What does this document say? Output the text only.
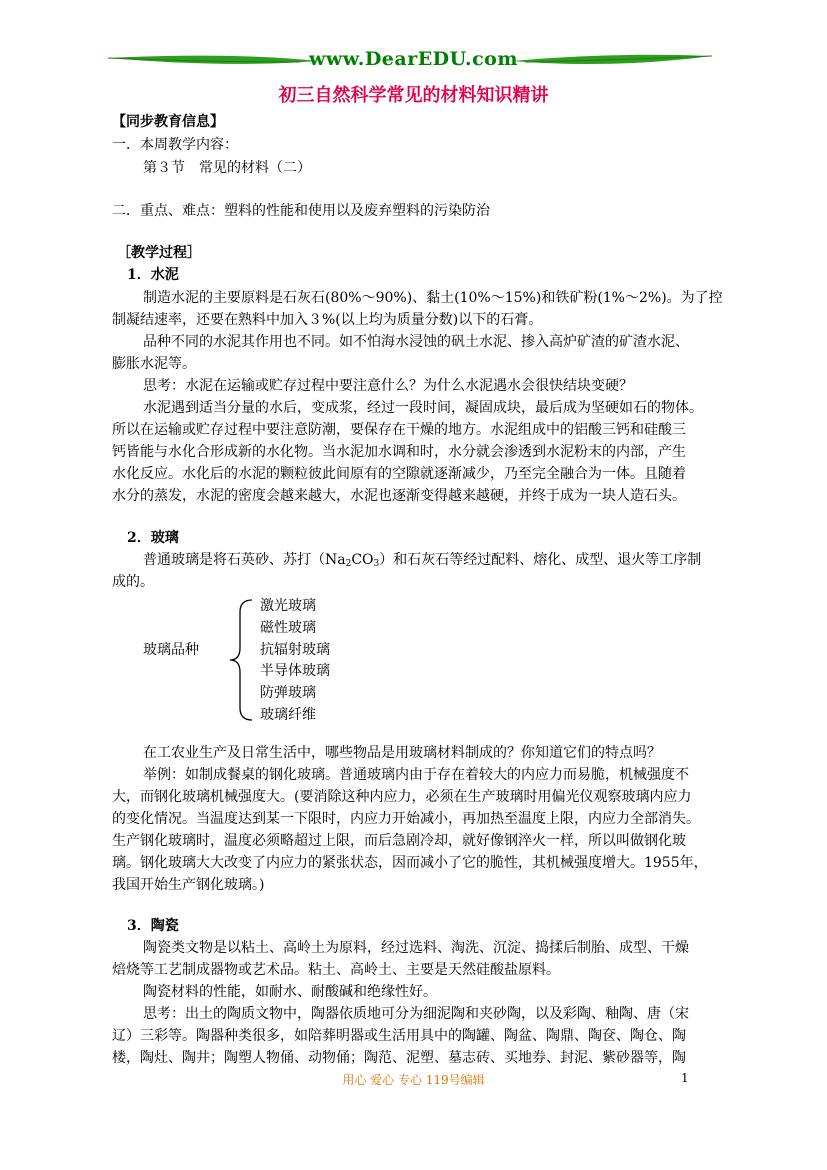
www.DearEDU.com
初三自然科学常见的材料知识精讲
【同步教育信息】
一．本周教学内容：
第３节　常见的材料（二）
二．重点、难点：塑料的性能和使用以及废弃塑料的污染防治
［教学过程］
1．水泥
制造水泥的主要原料是石灰石(80%～90%)、黏土(10%～15%)和铁矿粉(1%～2%)。为了控
制凝结速率，还要在熟料中加入３%(以上均为质量分数)以下的石膏。
品种不同的水泥其作用也不同。如不怕海水浸蚀的矾土水泥、掺入高炉矿渣的矿渣水泥、
膨胀水泥等。
思考：水泥在运输或贮存过程中要注意什么？为什么水泥遇水会很快结块变硬？
水泥遇到适当分量的水后，变成浆，经过一段时间，凝固成块，最后成为坚硬如石的物体。
所以在运输或贮存过程中要注意防潮，要保存在干燥的地方。水泥组成中的铝酸三钙和硅酸三
钙皆能与水化合形成新的水化物。当水泥加水调和时，水分就会渗透到水泥粉末的内部，产生
水化反应。水化后的水泥的颗粒彼此间原有的空隙就逐渐减少，乃至完全融合为一体。且随着
水分的蒸发，水泥的密度会越来越大，水泥也逐渐变得越来越硬，并终于成为一块人造石头。
2．玻璃
普通玻璃是将石英砂、苏打$(Na_2CO_3)$和石灰石等经过配料、熔化、成型、退火等工序制
成的。
玻璃品种
激光玻璃
磁性玻璃
抗辐射玻璃
半导体玻璃
防弹玻璃
玻璃纤维
在工农业生产及日常生活中，哪些物品是用玻璃材料制成的？你知道它们的特点吗？
举例：如制成餐桌的钢化玻璃。普通玻璃内由于存在着较大的内应力而易脆，机械强度不
大，而钢化玻璃机械强度大。(要消除这种内应力，必须在生产玻璃时用偏光仪观察玻璃内应力
的变化情况。当温度达到某一下限时，内应力开始减小，再加热至温度上限，内应力全部消失。
生产钢化玻璃时，温度必须略超过上限，而后急剧冷却，就好像钢淬火一样，所以叫做钢化玻
璃。钢化玻璃大大改变了内应力的紧张状态，因而减小了它的脆性，其机械强度增大。1955年，
我国开始生产钢化玻璃。)
3．陶瓷
陶瓷类文物是以粘土、高岭土为原料，经过选料、淘洗、沉淀、捣揉后制胎、成型、干燥
焙烧等工艺制成器物或艺术品。粘土、高岭土、主要是天然硅酸盐原料。
陶瓷材料的性能，如耐水、耐酸碱和绝缘性好。
思考：出土的陶质文物中，陶器依质地可分为细泥陶和夹砂陶，以及彩陶、釉陶、唐（宋
辽）三彩等。陶器种类很多，如陪葬明器或生活用具中的陶罐、陶盆、陶鼎、陶奁、陶仓、陶
楼，陶灶、陶井；陶塑人物俑、动物俑；陶范、泥塑、墓志砖、买地券、封泥、紫砂器等，陶
用心 爱心 专心 119号编辑	1
